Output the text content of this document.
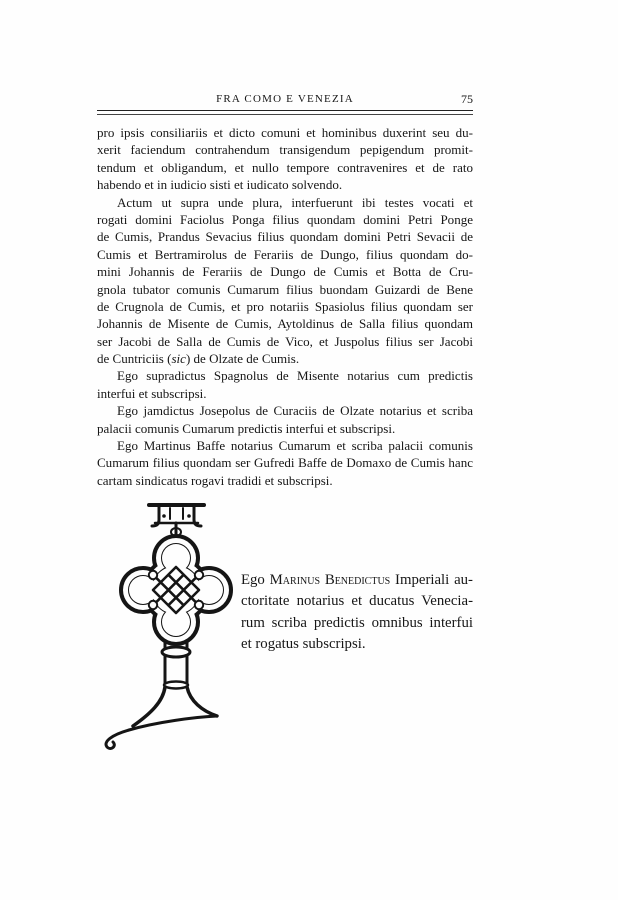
FRA COMO E VENEZIA	75
pro ipsis consiliariis et dicto comuni et hominibus duxerint seu du-
xerit faciendum contrahendum transigendum pepigendum promit-
tendum et obligandum, et nullo tempore contravenires et de rato
habendo et in iudicio sisti et iudicato solvendo.
Actum ut supra unde plura, interfuerunt ibi testes vocati et
rogati domini Faciolus Ponga filius quondam domini Petri Ponge
de Cumis, Prandus Sevacius filius quondam domini Petri Sevacii de
Cumis et Bertramirolus de Ferariis de Dungo, filius quondam do-
mini Johannis de Ferariis de Dungo de Cumis et Botta de Cru-
gnola tubator comunis Cumarum filius buondam Guizardi de Bene
de Crugnola de Cumis, et pro notariis Spasiolus filius quondam ser
Johannis de Misente de Cumis, Aytoldinus de Salla filius quondam
ser Jacobi de Salla de Cumis de Vico, et Juspolus filius ser Jacobi
de Cuntriciis (sic) de Olzate de Cumis.
Ego supradictus Spagnolus de Misente notarius cum predictis
interfui et subscripsi.
Ego jamdictus Josepolus de Curaciis de Olzate notarius et scriba
palacii comunis Cumarum predictis interfui et subscripsi.
Ego Martinus Baffe notarius Cumarum et scriba palacii comunis
Cumarum filius quondam ser Gufredi Baffe de Domaxo de Cumis hanc
cartam sindicatus rogavi tradidi et subscripsi.
Ego Marinus Benedictus Imperiali au-
ctoritate notarius et ducatus Venecia-
rum scriba predictis omnibus interfui
et rogatus subscripsi.
